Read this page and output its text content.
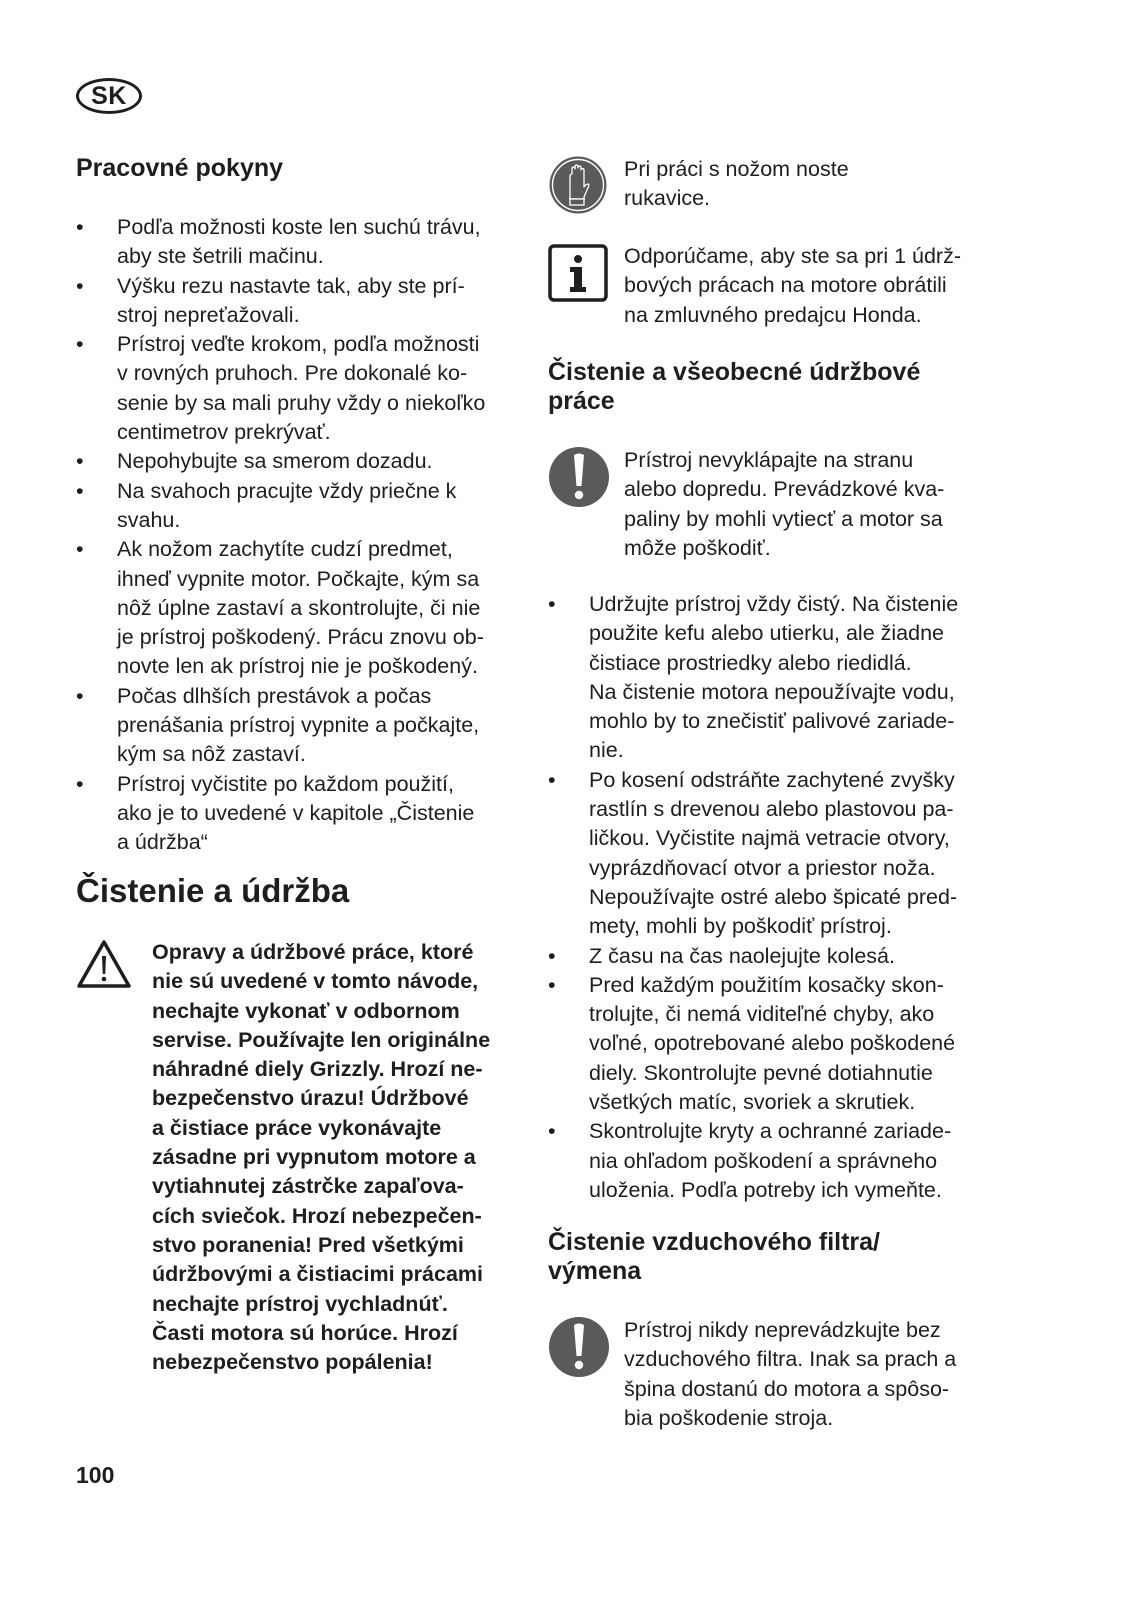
SK
Pracovné pokyny
• Podľa možnosti koste len suchú trávu,
aby ste šetrili mačinu.
• Výšku rezu nastavte tak, aby ste prí-
stroj nepreťažovali.
• Prístroj veďte krokom, podľa možnosti
v rovných pruhoch. Pre dokonalé ko-
senie by sa mali pruhy vždy o niekoľko
centimetrov prekrývať.
• Nepohybujte sa smerom dozadu.
• Na svahoch pracujte vždy priečne k
svahu.
• Ak nožom zachytíte cudzí predmet,
ihneď vypnite motor. Počkajte, kým sa
nôž úplne zastaví a skontrolujte, či nie
je prístroj poškodený. Prácu znovu ob-
novte len ak prístroj nie je poškodený.
• Počas dlhších prestávok a počas
prenášania prístroj vypnite a počkajte,
kým sa nôž zastaví.
• Prístroj vyčistite po každom použití,
ako je to uvedené v kapitole „Čistenie
a údržba“
Čistenie a údržba
Opravy a údržbové práce, ktoré
nie sú uvedené v tomto návode,
nechajte vykonať v odbornom
servise. Používajte len originálne
náhradné diely Grizzly. Hrozí ne-
bezpečenstvo úrazu! Údržbové
a čistiace práce vykonávajte
zásadne pri vypnutom motore a
vytiahnutej zástrčke zapaľova-
cích sviečok. Hrozí nebezpečen-
stvo poranenia! Pred všetkými
údržbovými a čistiacimi prácami
nechajte prístroj vychladnúť.
Časti motora sú horúce. Hrozí
nebezpečenstvo popálenia!
Pri práci s nožom noste
rukavice.
Odporúčame, aby ste sa pri 1 údrž-
bových prácach na motore obrátili
na zmluvného predajcu Honda.
Čistenie a všeobecné údržbové
práce
Prístroj nevyklápajte na stranu
alebo dopredu. Prevádzkové kva-
paliny by mohli vytiecť a motor sa
môže poškodiť.
• Udržujte prístroj vždy čistý. Na čistenie
použite kefu alebo utierku, ale žiadne
čistiace prostriedky alebo riedidlá.
Na čistenie motora nepoužívajte vodu,
mohlo by to znečistiť palivové zariade-
nie.
• Po kosení odstráňte zachytené zvyšky
rastlín s drevenou alebo plastovou pa-
ličkou. Vyčistite najmä vetracie otvory,
vyprázdňovací otvor a priestor noža.
Nepoužívajte ostré alebo špicaté pred-
mety, mohli by poškodiť prístroj.
• Z času na čas naolejujte kolesá.
• Pred každým použitím kosačky skon-
trolujte, či nemá viditeľné chyby, ako
voľné, opotrebované alebo poškodené
diely. Skontrolujte pevné dotiahnutie
všetkých matíc, svoriek a skrutiek.
• Skontrolujte kryty a ochranné zariade-
nia ohľadom poškodení a správneho
uloženia. Podľa potreby ich vymeňte.
Čistenie vzduchového filtra/
výmena
Prístroj nikdy neprevádzkujte bez
vzduchového filtra. Inak sa prach a
špina dostanú do motora a spôso-
bia poškodenie stroja.
100
